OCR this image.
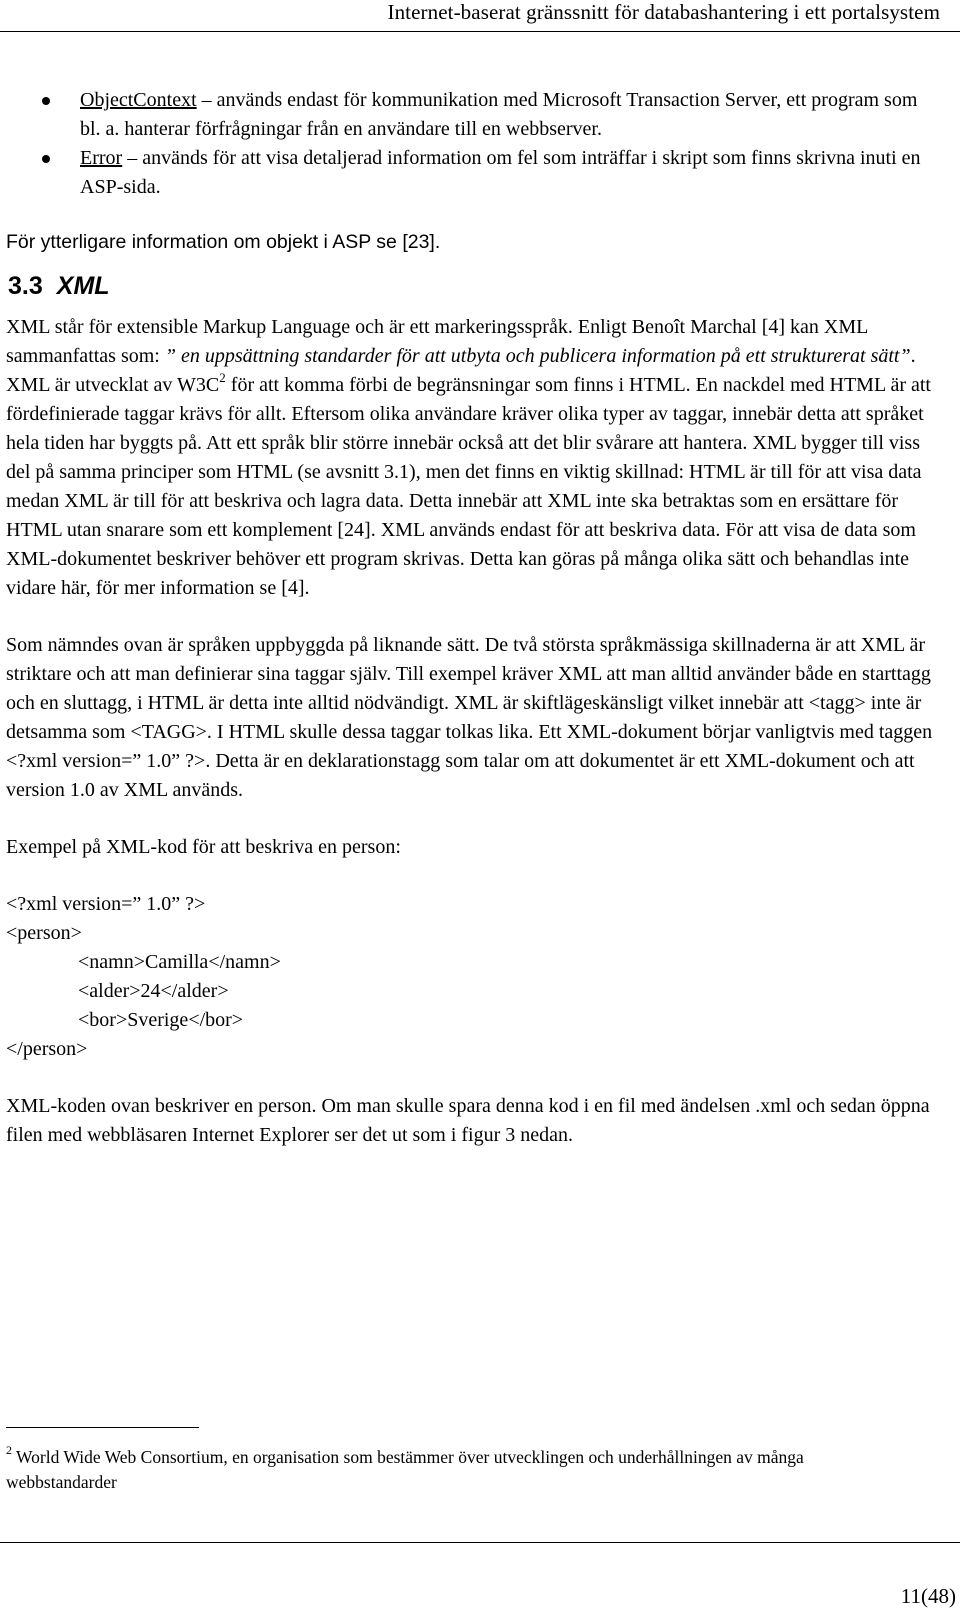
Internet-baserat gränssnitt för databashantering i ett portalsystem
ObjectContext – används endast för kommunikation med Microsoft Transaction Server, ett program som bl. a. hanterar förfrågningar från en användare till en webbserver.
Error – används för att visa detaljerad information om fel som inträffar i skript som finns skrivna inuti en ASP-sida.

För ytterligare information om objekt i ASP se [23].

3.3 XML

XML står för extensible Markup Language och är ett markeringsspråk. Enligt Benoît Marchal [4] kan XML sammanfattas som: ” en uppsättning standarder för att utbyta och publicera information på ett strukturerat sätt”. XML är utvecklat av $W3C^2$ för att komma förbi de begränsningar som finns i HTML. En nackdel med HTML är att fördefinierade taggar krävs för allt. Eftersom olika användare kräver olika typer av taggar, innebär detta att språket hela tiden har byggts på. Att ett språk blir större innebär också att det blir svårare att hantera. XML bygger till viss del på samma principer som HTML (se avsnitt 3.1), men det finns en viktig skillnad: HTML är till för att visa data medan XML är till för att beskriva och lagra data. Detta innebär att XML inte ska betraktas som en ersättare för HTML utan snarare som ett komplement [24]. XML används endast för att beskriva data. För att visa de data som XML-dokumentet beskriver behöver ett program skrivas. Detta kan göras på många olika sätt och behandlas inte vidare här, för mer information se [4].

Som nämndes ovan är språken uppbyggda på liknande sätt. De två största språkmässiga skillnaderna är att XML är striktare och att man definierar sina taggar själv. Till exempel kräver XML att man alltid använder både en starttagg och en sluttagg, i HTML är detta inte alltid nödvändigt. XML är skiftlägeskänsligt vilket innebär att <tagg> inte är detsamma som <TAGG>. I HTML skulle dessa taggar tolkas lika. Ett XML-dokument börjar vanligtvis med taggen <?xml version=” 1.0” ?>. Detta är en deklarationstagg som talar om att dokumentet är ett XML-dokument och att version 1.0 av XML används.

Exempel på XML-kod för att beskriva en person:

<?xml version=” 1.0” ?>
<person>
<namn>Camilla</namn>
<alder>24</alder>
<bor>Sverige</bor>
</person>

XML-koden ovan beskriver en person. Om man skulle spara denna kod i en fil med ändelsen .xml och sedan öppna filen med webbläsaren Internet Explorer ser det ut som i figur 3 nedan.

$^2$ World Wide Web Consortium, en organisation som bestämmer över utvecklingen och underhållningen av många webbstandarder
11(48)
